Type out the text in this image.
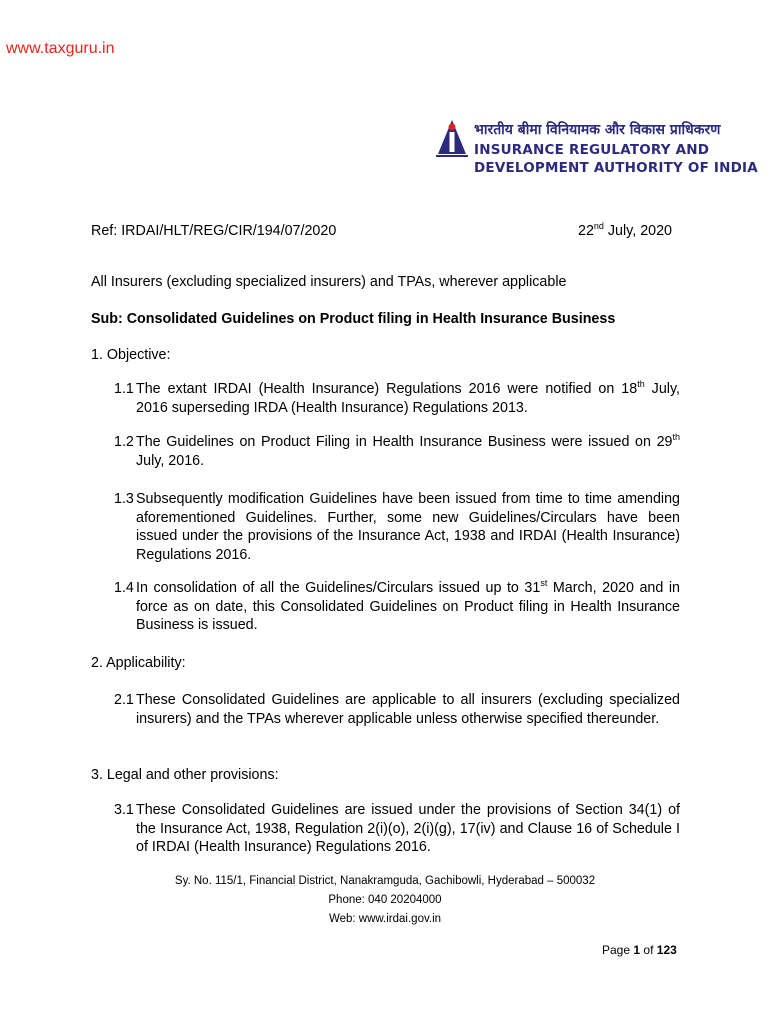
www.taxguru.in
भारतीय बीमा विनियामक और विकास प्राधिकरण
INSURANCE REGULATORY AND
DEVELOPMENT AUTHORITY OF INDIA
Ref: IRDAI/HLT/REG/CIR/194/07/2020	22nd July, 2020
All Insurers (excluding specialized insurers) and TPAs, wherever applicable
Sub: Consolidated Guidelines on Product filing in Health Insurance Business
1. Objective:
1.1 The extant IRDAI (Health Insurance) Regulations 2016 were notified on 18th July, 2016 superseding IRDA (Health Insurance) Regulations 2013.
1.2 The Guidelines on Product Filing in Health Insurance Business were issued on 29th July, 2016.
1.3 Subsequently modification Guidelines have been issued from time to time amending aforementioned Guidelines. Further, some new Guidelines/Circulars have been issued under the provisions of the Insurance Act, 1938 and IRDAI (Health Insurance) Regulations 2016.
1.4 In consolidation of all the Guidelines/Circulars issued up to 31st March, 2020 and in force as on date, this Consolidated Guidelines on Product filing in Health Insurance Business is issued.
2. Applicability:
2.1 These Consolidated Guidelines are applicable to all insurers (excluding specialized insurers) and the TPAs wherever applicable unless otherwise specified thereunder.
3. Legal and other provisions:
3.1 These Consolidated Guidelines are issued under the provisions of Section 34(1) of the Insurance Act, 1938, Regulation 2(i)(o), 2(i)(g), 17(iv) and Clause 16 of Schedule I of IRDAI (Health Insurance) Regulations 2016.
Sy. No. 115/1, Financial District, Nanakramguda, Gachibowli, Hyderabad – 500032
Phone: 040 20204000
Web: www.irdai.gov.in
Page 1 of 123
